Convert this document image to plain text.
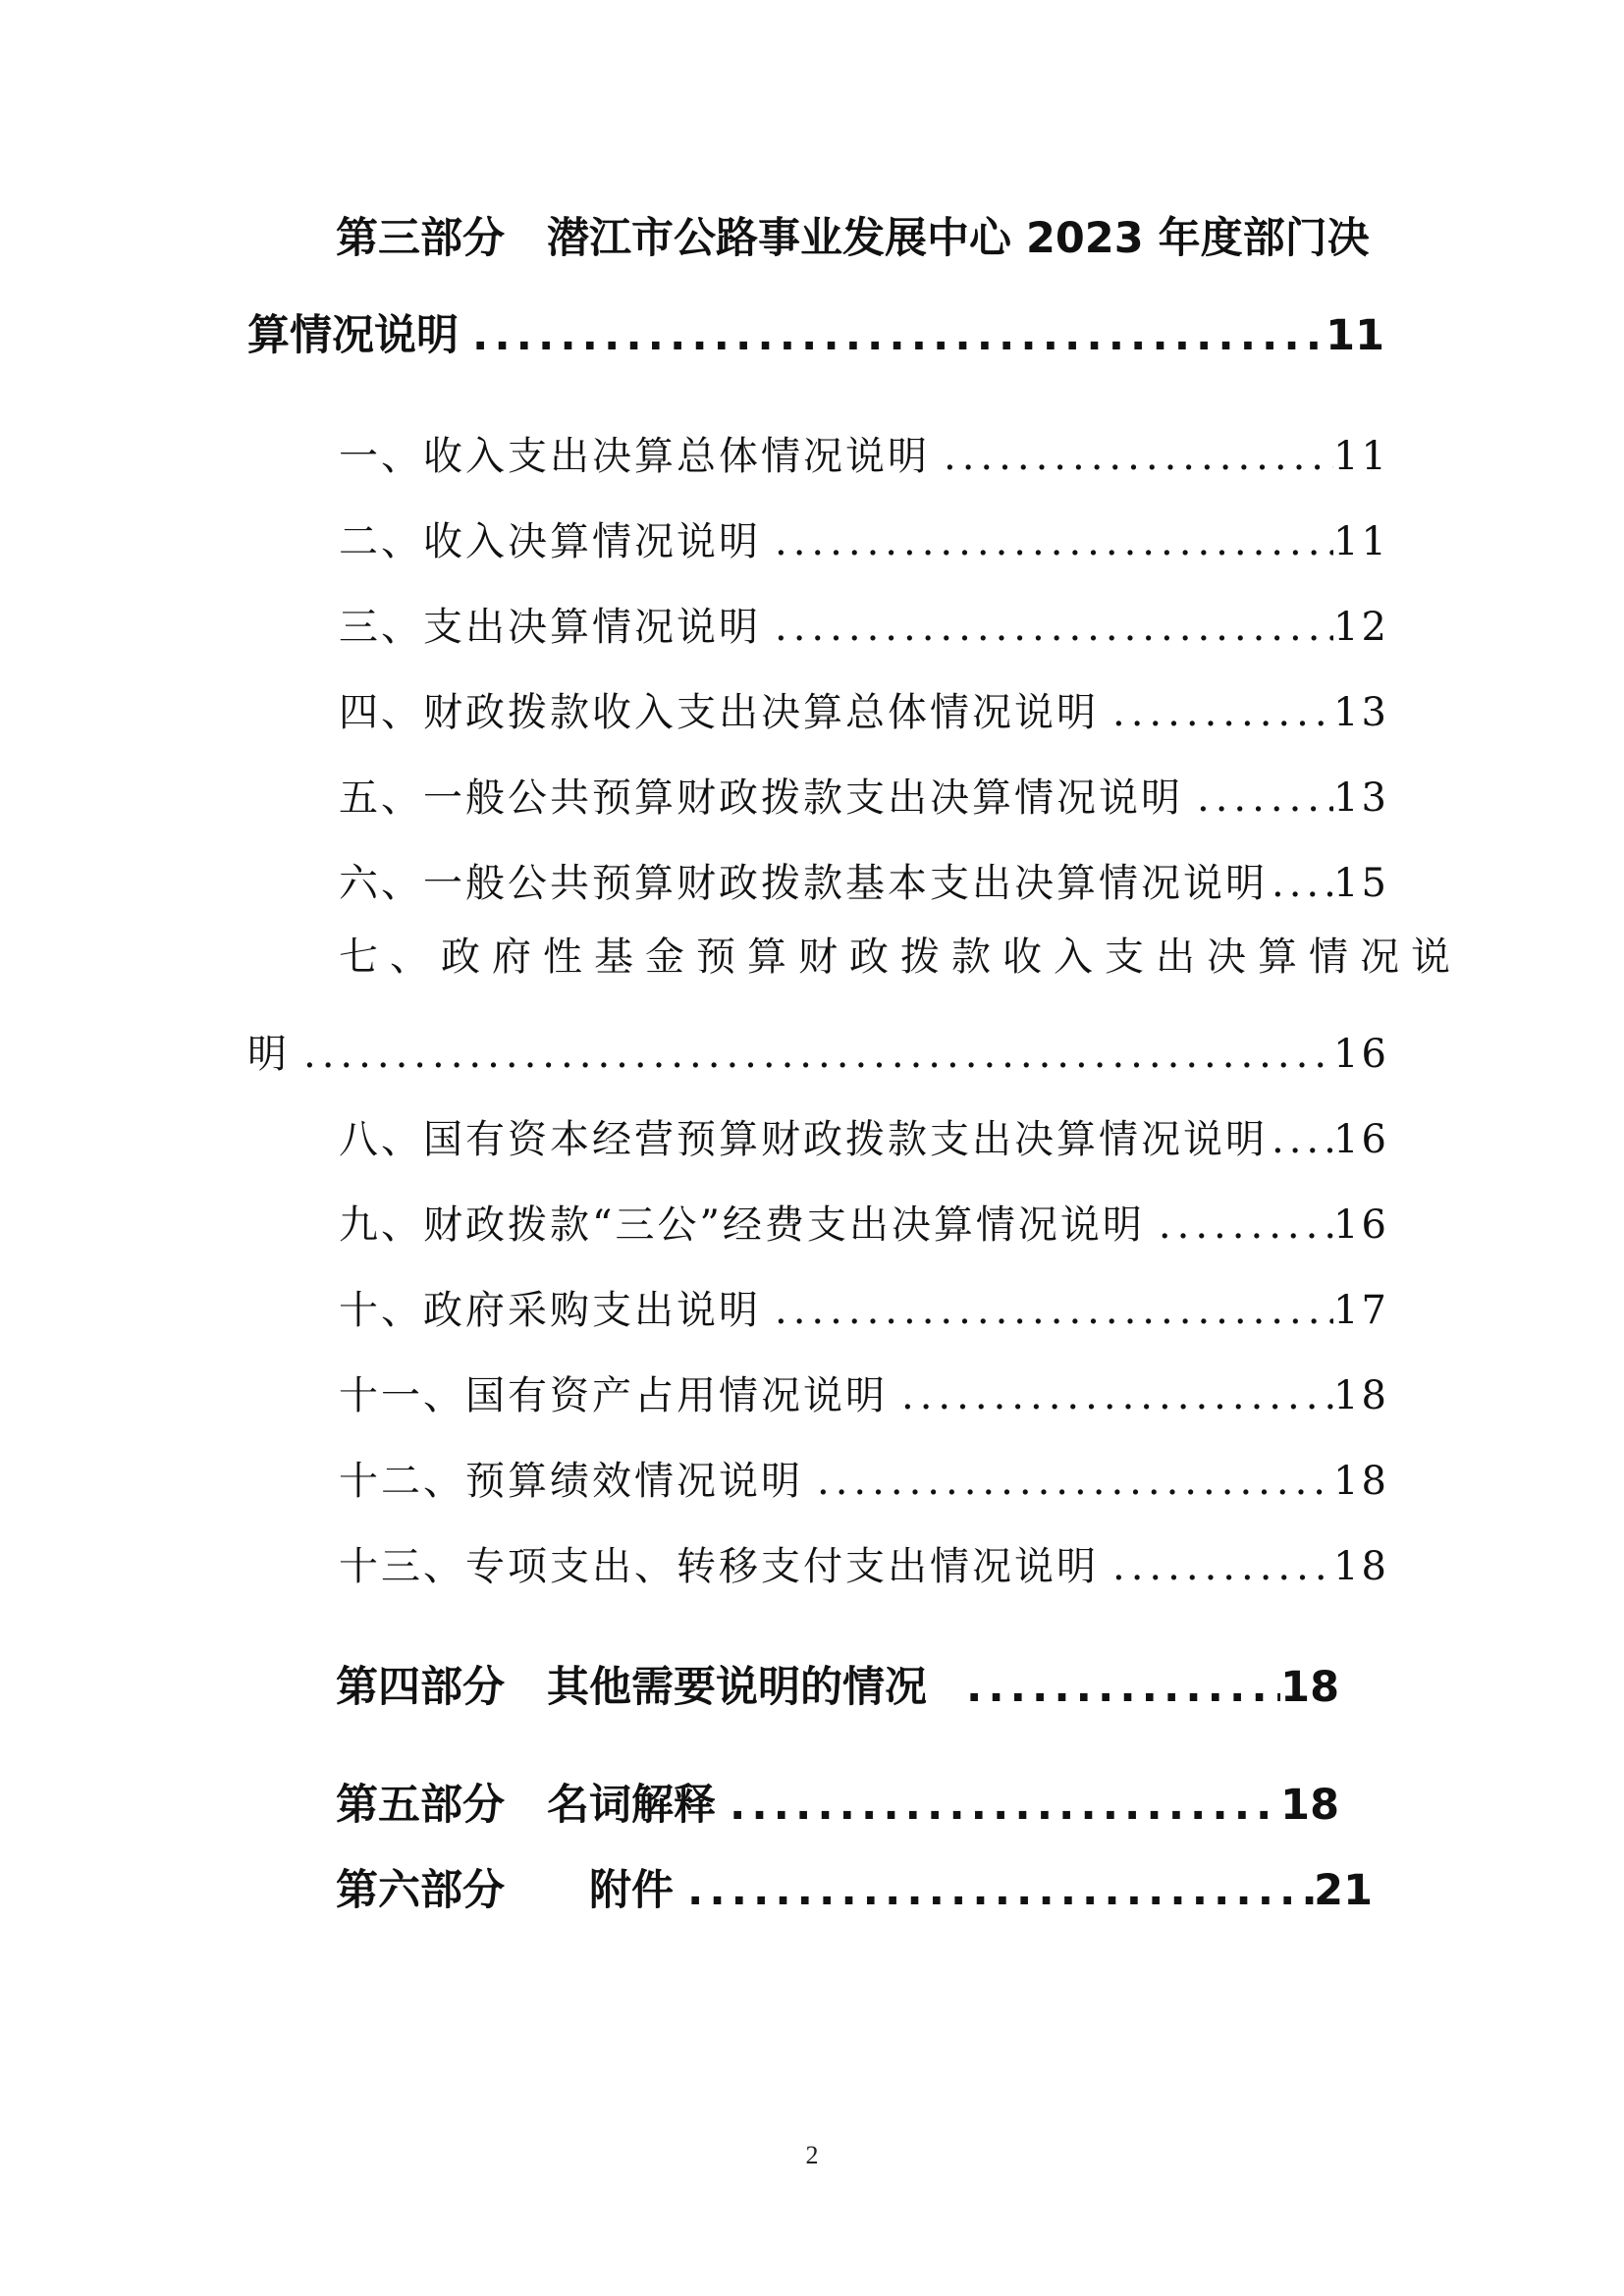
第三部分　潜江市公路事业发展中心 2023 年度部门决
算情况说明 .....	11
一、收入支出决算总体情况说明 .....	11
二、收入决算情况说明 .....	11
三、支出决算情况说明 .....	12
四、财政拨款收入支出决算总体情况说明 .....	13
五、一般公共预算财政拨款支出决算情况说明 .....	13
六、一般公共预算财政拨款基本支出决算情况说明 ..... 15
七、政府性基金预算财政拨款收入支出决算情况说
明 .....	16
八、国有资本经营预算财政拨款支出决算情况说明 ..... 16
九、财政拨款“三公”经费支出决算情况说明 .....	16
十、政府采购支出说明 .....	17
十一、国有资产占用情况说明 .....	18
十二、预算绩效情况说明 .....	18
十三、专项支出、转移支付支出情况说明 .....	18
第四部分　其他需要说明的情况 .....	18
第五部分　名词解释 .....	18
第六部分　　附件 .....	21
2
